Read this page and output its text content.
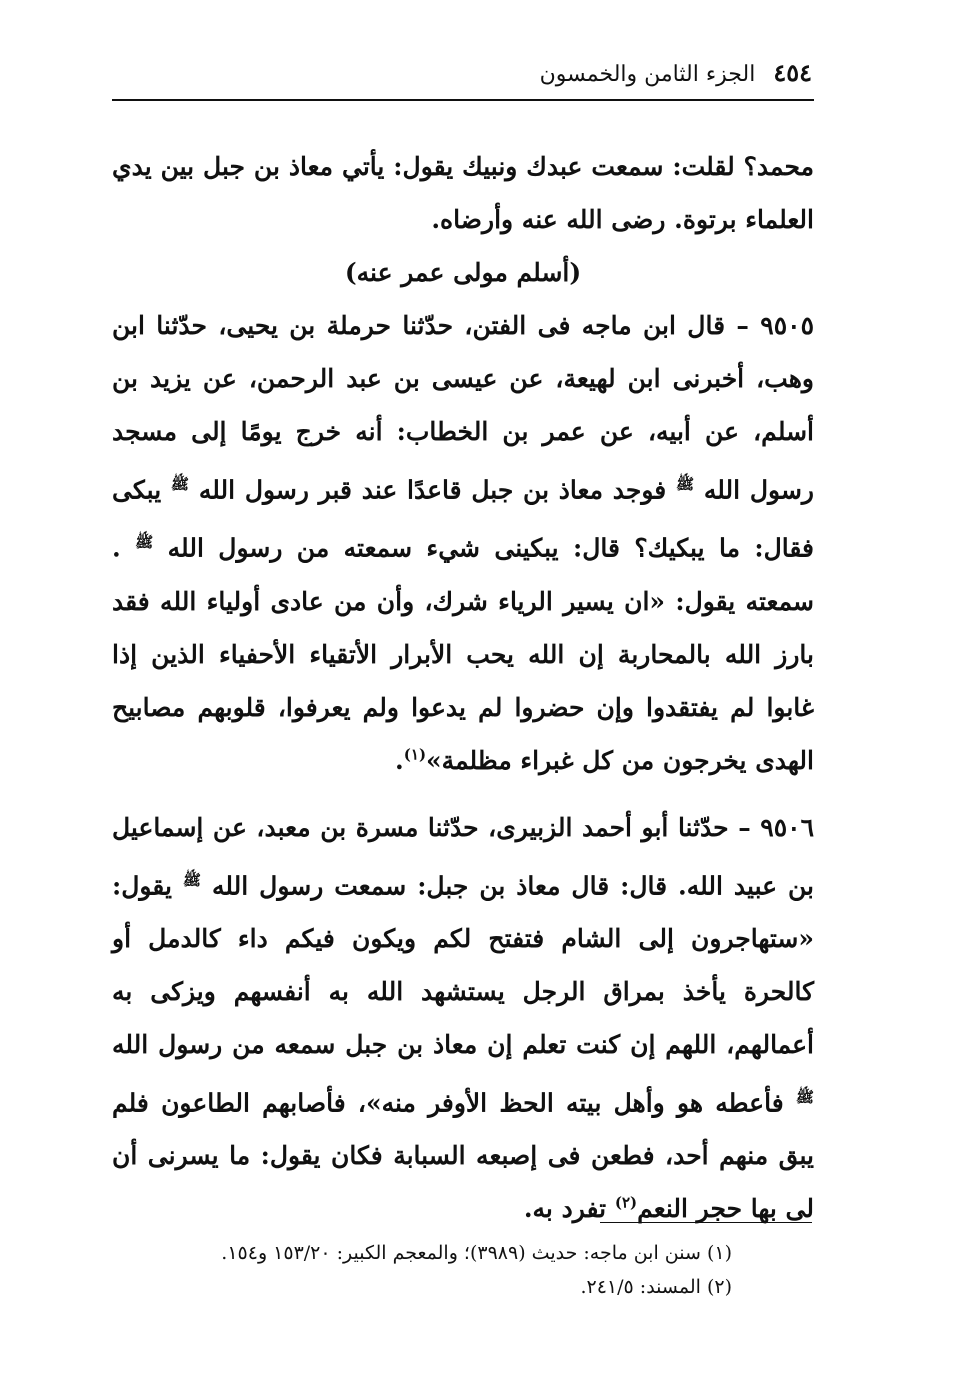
٤٥٤
الجزء الثامن والخمسون

محمد؟ لقلت: سمعت عبدك ونبيك يقول: يأتي معاذ بن جبل بين يدي العلماء برتوة. رضى الله عنه وأرضاه.

(أسلم مولى عمر عنه)

٩٥٠٥ – قال ابن ماجه فى الفتن، حدّثنا حرملة بن يحيى، حدّثنا ابن وهب، أخبرنى ابن لهيعة، عن عيسى بن عبد الرحمن، عن يزيد بن أسلم، عن أبيه، عن عمر بن الخطاب: أنه خرج يومًا إلى مسجد رسول الله $^ﷺ$ فوجد معاذ بن جبل قاعدًا عند قبر رسول الله $^ﷺ$ يبكى فقال: ما يبكيك؟ قال: يبكينى شيء سمعته من رسول الله $^ﷺ$ . سمعته يقول: «ان يسير الرياء شرك، وأن من عادى أولياء الله فقد بارز الله بالمحاربة إن الله يحب الأبرار الأتقياء الأحفياء الذين إذا غابوا لم يفتقدوا وإن حضروا لم يدعوا ولم يعرفوا، قلوبهم مصابيح الهدى يخرجون من كل غبراء مظلمة»$^{(١)}$.

٩٥٠٦ – حدّثنا أبو أحمد الزبيرى، حدّثنا مسرة بن معبد، عن إسماعيل بن عبيد الله. قال: قال معاذ بن جبل: سمعت رسول الله $^ﷺ$ يقول: «ستهاجرون إلى الشام فتفتح لكم ويكون فيكم داء كالدمل أو كالحرة يأخذ بمراق الرجل يستشهد الله به أنفسهم ويزكى به أعمالهم، اللهم إن كنت تعلم إن معاذ بن جبل سمعه من رسول الله $^ﷺ$ فأعطه هو وأهل بيته الحظ الأوفر منه»، فأصابهم الطاعون فلم يبق منهم أحد، فطعن فى إصبعه السبابة فكان يقول: ما يسرنى أن لى بها حجر النعم$^{(٢)}$ تفرد به.

(١) سنن ابن ماجه: حديث (٣٩٨٩)؛ والمعجم الكبير: ١٥٣/٢٠ و١٥٤.

(٢) المسند: ٢٤١/٥.
